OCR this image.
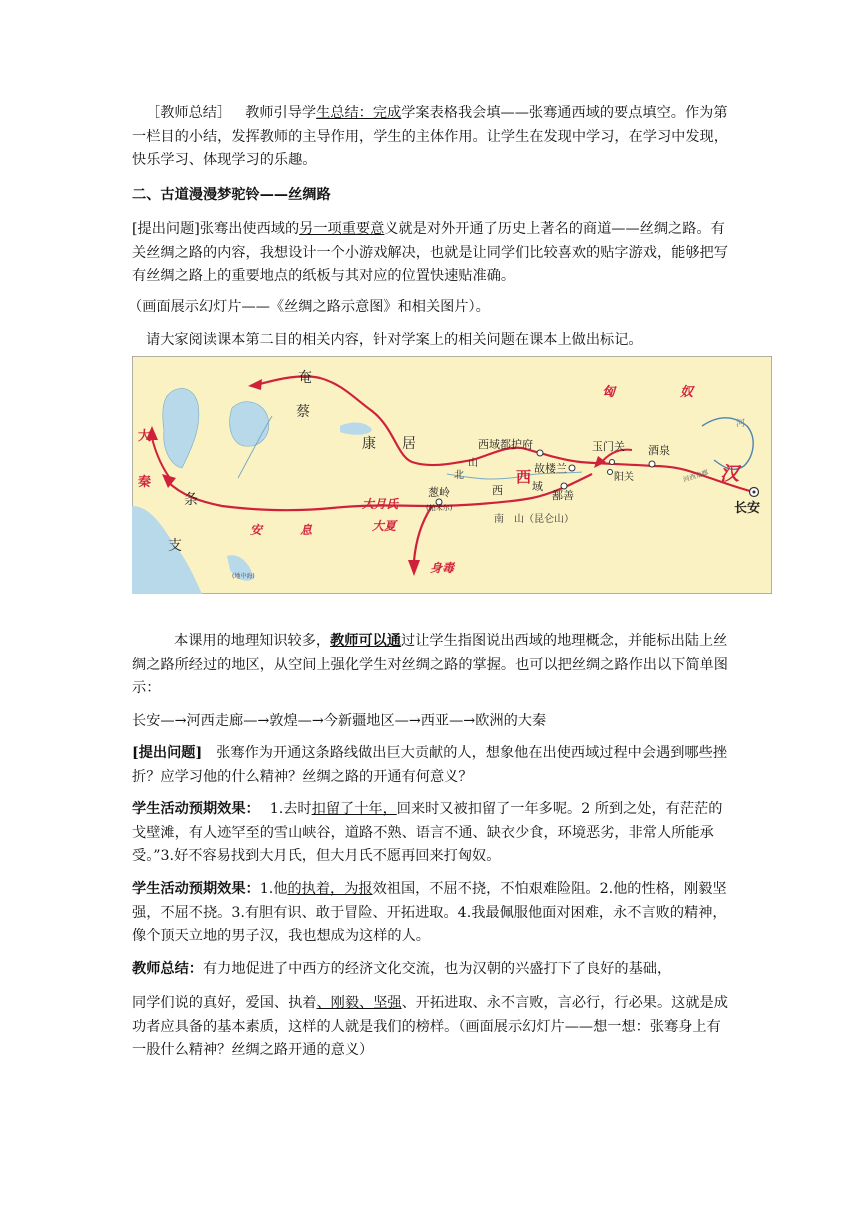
［教师总结］ 教师引导学生总结：完成学案表格我会填——张骞通西域的要点填空。作为第一栏目的小结，发挥教师的主导作用，学生的主体作用。让学生在发现中学习，在学习中发现，快乐学习、体现学习的乐趣。

二、古道漫漫梦驼铃——丝绸路

[提出问题]张骞出使西域的另一项重要意义就是对外开通了历史上著名的商道——丝绸之路。有关丝绸之路的内容，我想设计一个小游戏解决，也就是让同学们比较喜欢的贴字游戏，能够把写有丝绸之路上的重要地点的纸板与其对应的位置快速贴准确。

（画面展示幻灯片——《丝绸之路示意图》和相关图片）。

请大家阅读课本第二目的相关内容，针对学案上的相关问题在课本上做出标记。

奄
蔡
康 居
匈	奴
大
秦
条
支
安	息
大月氏
大夏
葱岭
(帕米尔)
西域都护府
北
山
西
西
域
故楼兰
鄯善
玉门关
阳关
酒泉
河西走廊 汉
长安
南　山（昆仑山）
身毒
河
(地中海)

本课用的地理知识较多，教师可以通过让学生指图说出西域的地理概念，并能标出陆上丝绸之路所经过的地区，从空间上强化学生对丝绸之路的掌握。也可以把丝绸之路作出以下简单图示：

长安—→河西走廊—→敦煌—→今新疆地区—→西亚—→欧洲的大秦

[提出问题] 张骞作为开通这条路线做出巨大贡献的人，想象他在出使西域过程中会遇到哪些挫折？应学习他的什么精神？丝绸之路的开通有何意义？

学生活动预期效果： 1.去时扣留了十年，回来时又被扣留了一年多呢。2 所到之处，有茫茫的戈壁滩，有人迹罕至的雪山峡谷，道路不熟、语言不通、缺衣少食，环境恶劣，非常人所能承受。”3.好不容易找到大月氏，但大月氏不愿再回来打匈奴。

学生活动预期效果：1.他的执着，为报效祖国，不屈不挠，不怕艰难险阻。2.他的性格，刚毅坚强，不屈不挠。3.有胆有识、敢于冒险、开拓进取。4.我最佩服他面对困难，永不言败的精神，像个顶天立地的男子汉，我也想成为这样的人。

教师总结：有力地促进了中西方的经济文化交流，也为汉朝的兴盛打下了良好的基础，

同学们说的真好，爱国、执着、刚毅、坚强、开拓进取、永不言败，言必行，行必果。这就是成功者应具备的基本素质，这样的人就是我们的榜样。（画面展示幻灯片——想一想：张骞身上有一股什么精神？丝绸之路开通的意义）
